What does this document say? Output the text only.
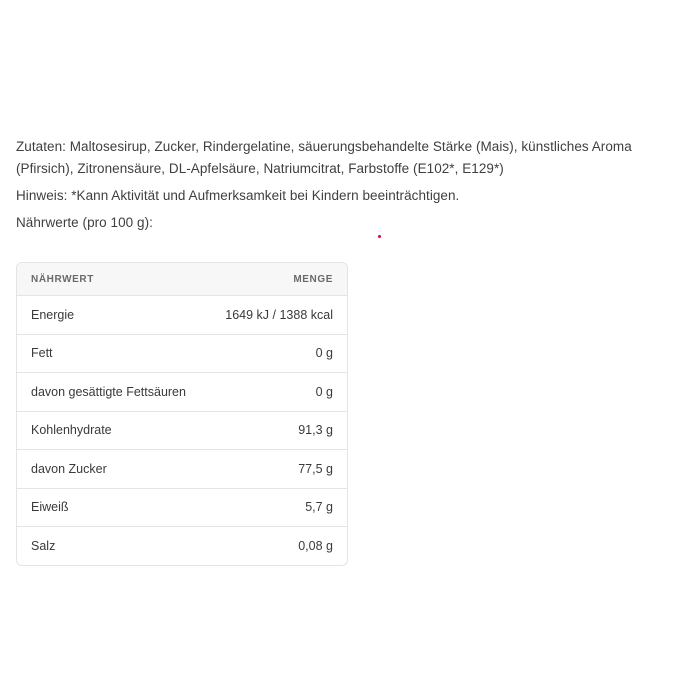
Zutaten: Maltosesirup, Zucker, Rindergelatine, säuerungsbehandelte Stärke (Mais), künstliches Aroma (Pfirsich), Zitronensäure, DL-Apfelsäure, Natriumcitrat, Farbstoffe (E102*, E129*)

Hinweis: *Kann Aktivität und Aufmerksamkeit bei Kindern beeinträchtigen.

Nährwerte (pro 100 g):

NÄHRWERT	MENGE
Energie	1649 kJ / 1388 kcal
Fett	0 g
davon gesättigte Fettsäuren	0 g
Kohlenhydrate	91,3 g
davon Zucker	77,5 g
Eiweiß	5,7 g
Salz	0,08 g
